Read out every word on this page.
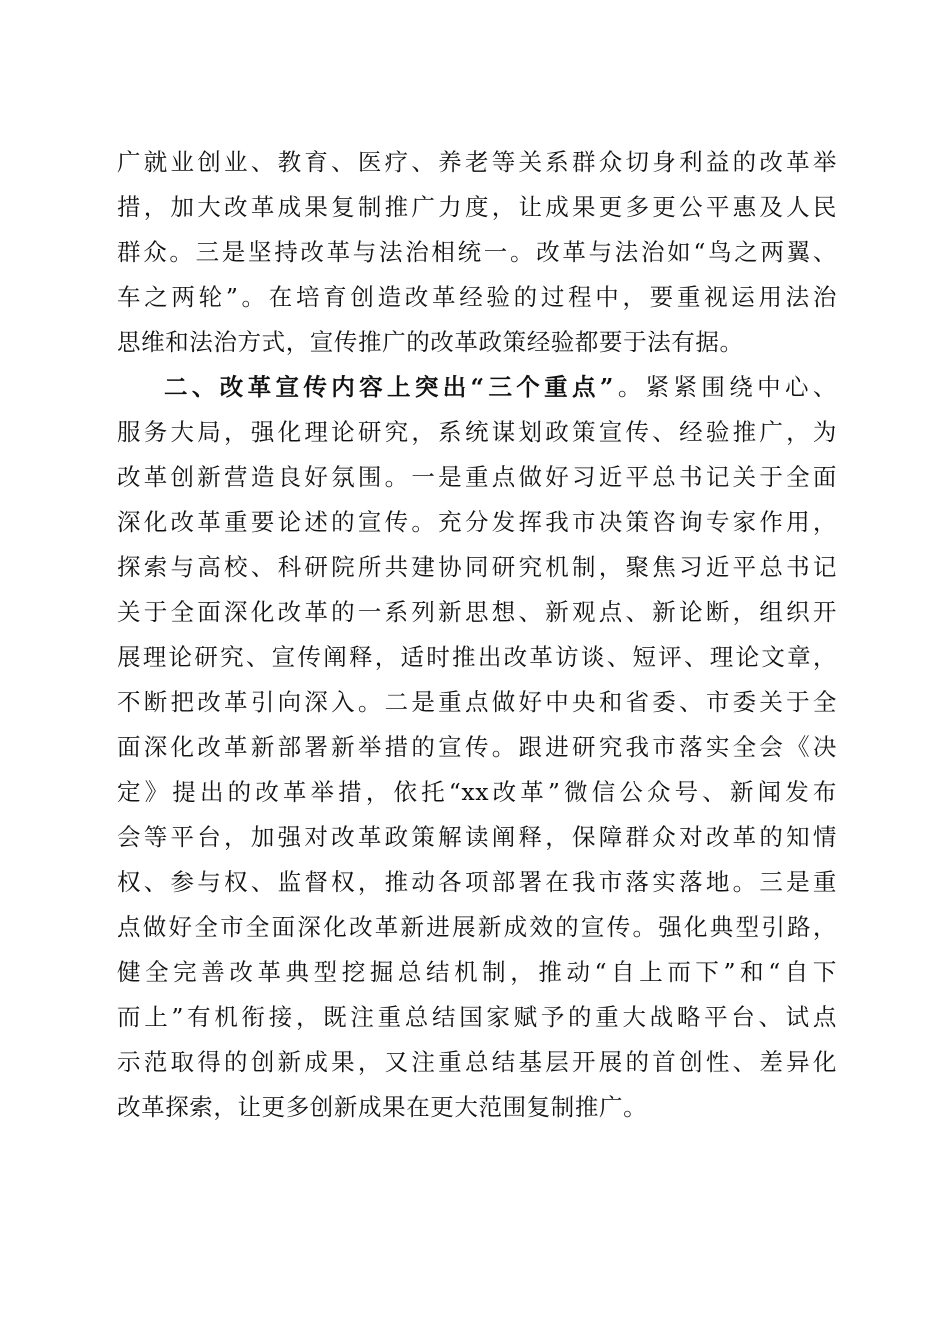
广就业创业、教育、医疗、养老等关系群众切身利益的改革举
措，加大改革成果复制推广力度，让成果更多更公平惠及人民
群众。三是坚持改革与法治相统一。改革与法治如“鸟之两翼、
车之两轮”。在培育创造改革经验的过程中，要重视运用法治
思维和法治方式，宣传推广的改革政策经验都要于法有据。
二、改革宣传内容上突出“三个重点”。紧紧围绕中心、
服务大局，强化理论研究，系统谋划政策宣传、经验推广，为
改革创新营造良好氛围。一是重点做好习近平总书记关于全面
深化改革重要论述的宣传。充分发挥我市决策咨询专家作用，
探索与高校、科研院所共建协同研究机制，聚焦习近平总书记
关于全面深化改革的一系列新思想、新观点、新论断，组织开
展理论研究、宣传阐释，适时推出改革访谈、短评、理论文章，
不断把改革引向深入。二是重点做好中央和省委、市委关于全
面深化改革新部署新举措的宣传。跟进研究我市落实全会《决
定》提出的改革举措，依托“xx改革”微信公众号、新闻发布
会等平台，加强对改革政策解读阐释，保障群众对改革的知情
权、参与权、监督权，推动各项部署在我市落实落地。三是重
点做好全市全面深化改革新进展新成效的宣传。强化典型引路，
健全完善改革典型挖掘总结机制，推动“自上而下”和“自下
而上”有机衔接，既注重总结国家赋予的重大战略平台、试点
示范取得的创新成果，又注重总结基层开展的首创性、差异化
改革探索，让更多创新成果在更大范围复制推广。
